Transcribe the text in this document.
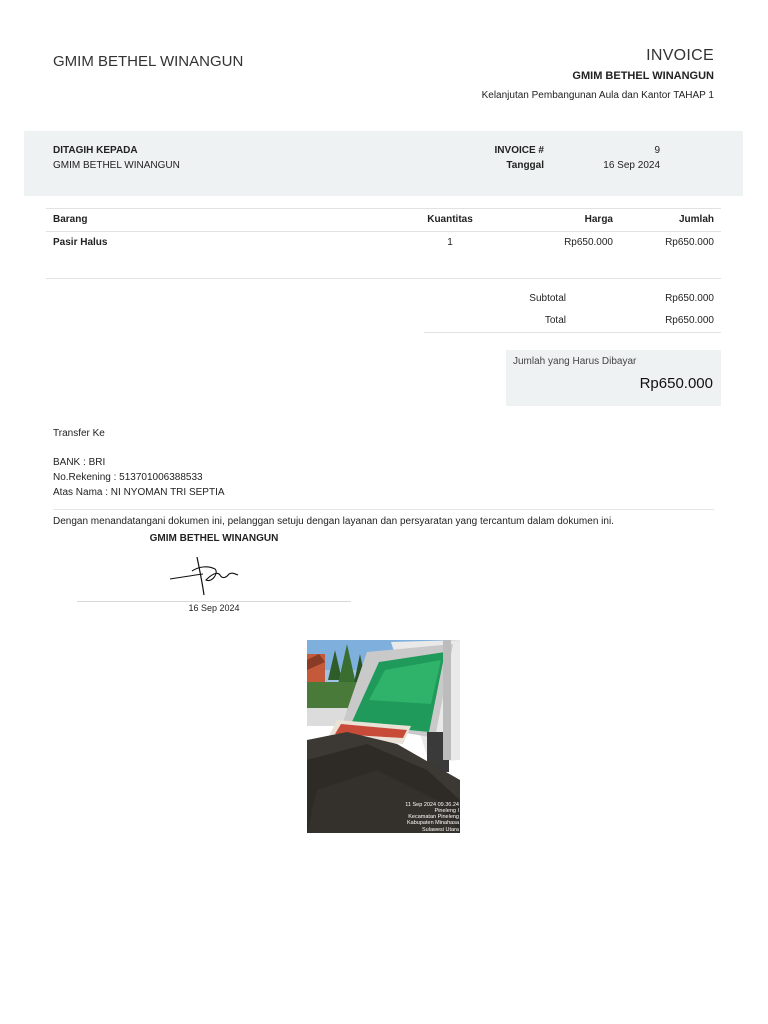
GMIM BETHEL WINANGUN	INVOICE
GMIM BETHEL WINANGUN
Kelanjutan Pembangunan Aula dan Kantor TAHAP 1
DITAGIH KEPADA
GMIM BETHEL WINANGUN
INVOICE #	9
Tanggal	16 Sep 2024
Barang	Kuantitas	Harga	Jumlah
Pasir Halus	1	Rp650.000	Rp650.000
Subtotal	Rp650.000
Total	Rp650.000
Jumlah yang Harus Dibayar
Rp650.000
Transfer Ke
BANK : BRI
No.Rekening : 513701006388533
Atas Nama : NI NYOMAN TRI SEPTIA
Dengan menandatangani dokumen ini, pelanggan setuju dengan layanan dan persyaratan yang tercantum dalam dokumen ini.
GMIM BETHEL WINANGUN
16 Sep 2024
11 Sep 2024 09.36.24
Pineleng I
Kecamatan Pineleng
Kabupaten Minahasa
Sulawesi Utara
